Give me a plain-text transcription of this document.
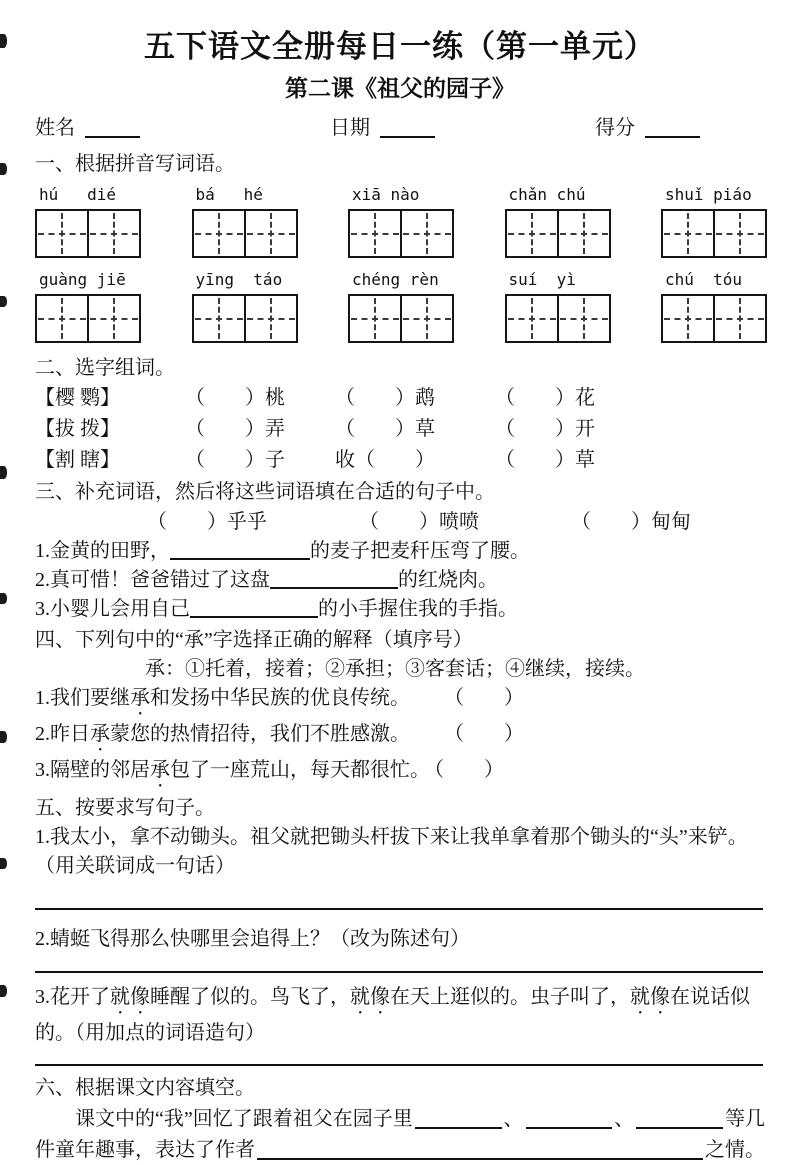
五下语文全册每日一练（第一单元）
第二课《祖父的园子》
姓名	日期	得分
一、根据拼音写词语。
hú   dié	bá   hé	xiā nào	chǎn chú	shuǐ piáo
guàng jiē	yīng  táo	chéng rèn	suí  yì	chú  tóu
二、选字组词。
【樱 鹦】	（　　）桃	（　　）鹉	（　　）花
【拔 拨】	（　　）弄	（　　）草	（　　）开
【割 瞎】	（　　）子	收（　　）	（　　）草
三、补充词语，然后将这些词语填在合适的句子中。
（　　）乎乎	（　　）喷喷	（　　）甸甸
1.金黄的田野，	的麦子把麦秆压弯了腰。
2.真可惜！爸爸错过了这盘	的红烧肉。
3.小婴儿会用自己	的小手握住我的手指。
四、下列句中的“承”字选择正确的解释（填序号）
承：①托着，接着；②承担；③客套话；④继续，接续。
1.我们要继承和发扬中华民族的优良传统。 （　　）
2.昨日承蒙您的热情招待，我们不胜感激。 （　　）
3.隔壁的邻居承包了一座荒山，每天都很忙。 （　　）
五、按要求写句子。
1.我太小，拿不动锄头。祖父就把锄头杆拔下来让我单拿着那个锄头的“头”来铲。
（用关联词成一句话）
2.蜻蜓飞得那么快哪里会追得上？（改为陈述句）
3.花开了就像睡醒了似的。鸟飞了，就像在天上逛似的。虫子叫了，就像在说话似的。（用加点的词语造句）
六、根据课文内容填空。
课文中的“我”回忆了跟着祖父在园子里	、	、	等几
件童年趣事，表达了作者	之情。
